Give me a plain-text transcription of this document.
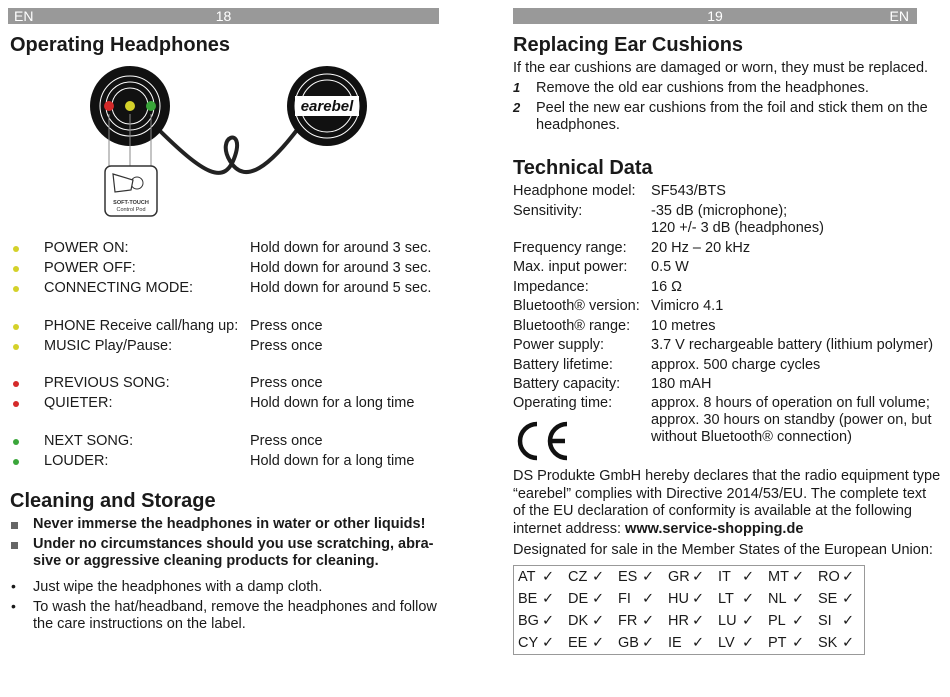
EN	18
Operating Headphones
earebel
SOFT-TOUCH
Control Pod
POWER ON:	Hold down for around 3 sec.
POWER OFF:	Hold down for around 3 sec.
CONNECTING MODE:	Hold down for around 5 sec.
PHONE Receive call/hang up: Press once
MUSIC Play/Pause:	Press once
PREVIOUS SONG:	Press once
QUIETER:	Hold down for a long time
NEXT SONG:	Press once
LOUDER:	Hold down for a long time
Cleaning and Storage
Never immerse the headphones in water or other liquids!
Under no circumstances should you use scratching, abra-
sive or aggressive cleaning products for cleaning.
• Just wipe the headphones with a damp cloth.
• To wash the hat/headband, remove the headphones and follow
the care instructions on the label.
19	EN
Replacing Ear Cushions
If the ear cushions are damaged or worn, they must be replaced.
1 Remove the old ear cushions from the headphones.
2 Peel the new ear cushions from the foil and stick them on the
headphones.
Technical Data
Headphone model: SF543/BTS
Sensitivity:	-35 dB (microphone);
120 +/- 3 dB (headphones)
Frequency range: 20 Hz – 20 kHz
Max. input power: 0.5 W
Impedance:	16 Ω
Bluetooth® version: Vimicro 4.1
Bluetooth® range: 10 metres
Power supply:	3.7 V rechargeable battery (lithium polymer)
Battery lifetime:	approx. 500 charge cycles
Battery capacity: 180 mAH
Operating time:	approx. 8 hours of operation on full volume;
approx. 30 hours on standby (power on, but
without Bluetooth® connection)
DS Produkte GmbH hereby declares that the radio equipment type
“earebel” complies with Directive 2014/53/EU. The complete text
of the EU declaration of conformity is available at the following
internet address: www.service-shopping.de
Designated for sale in the Member States of the European Union:
AT	✓	CZ	✓	ES	✓	GR	✓	IT	✓	MT	✓	RO	✓
BE	✓	DE	✓	FI	✓	HU	✓	LT	✓	NL	✓	SE	✓
BG	✓	DK	✓	FR	✓	HR	✓	LU	✓	PL	✓	SI	✓
CY	✓	EE	✓	GB	✓	IE	✓	LV	✓	PT	✓	SK	✓
